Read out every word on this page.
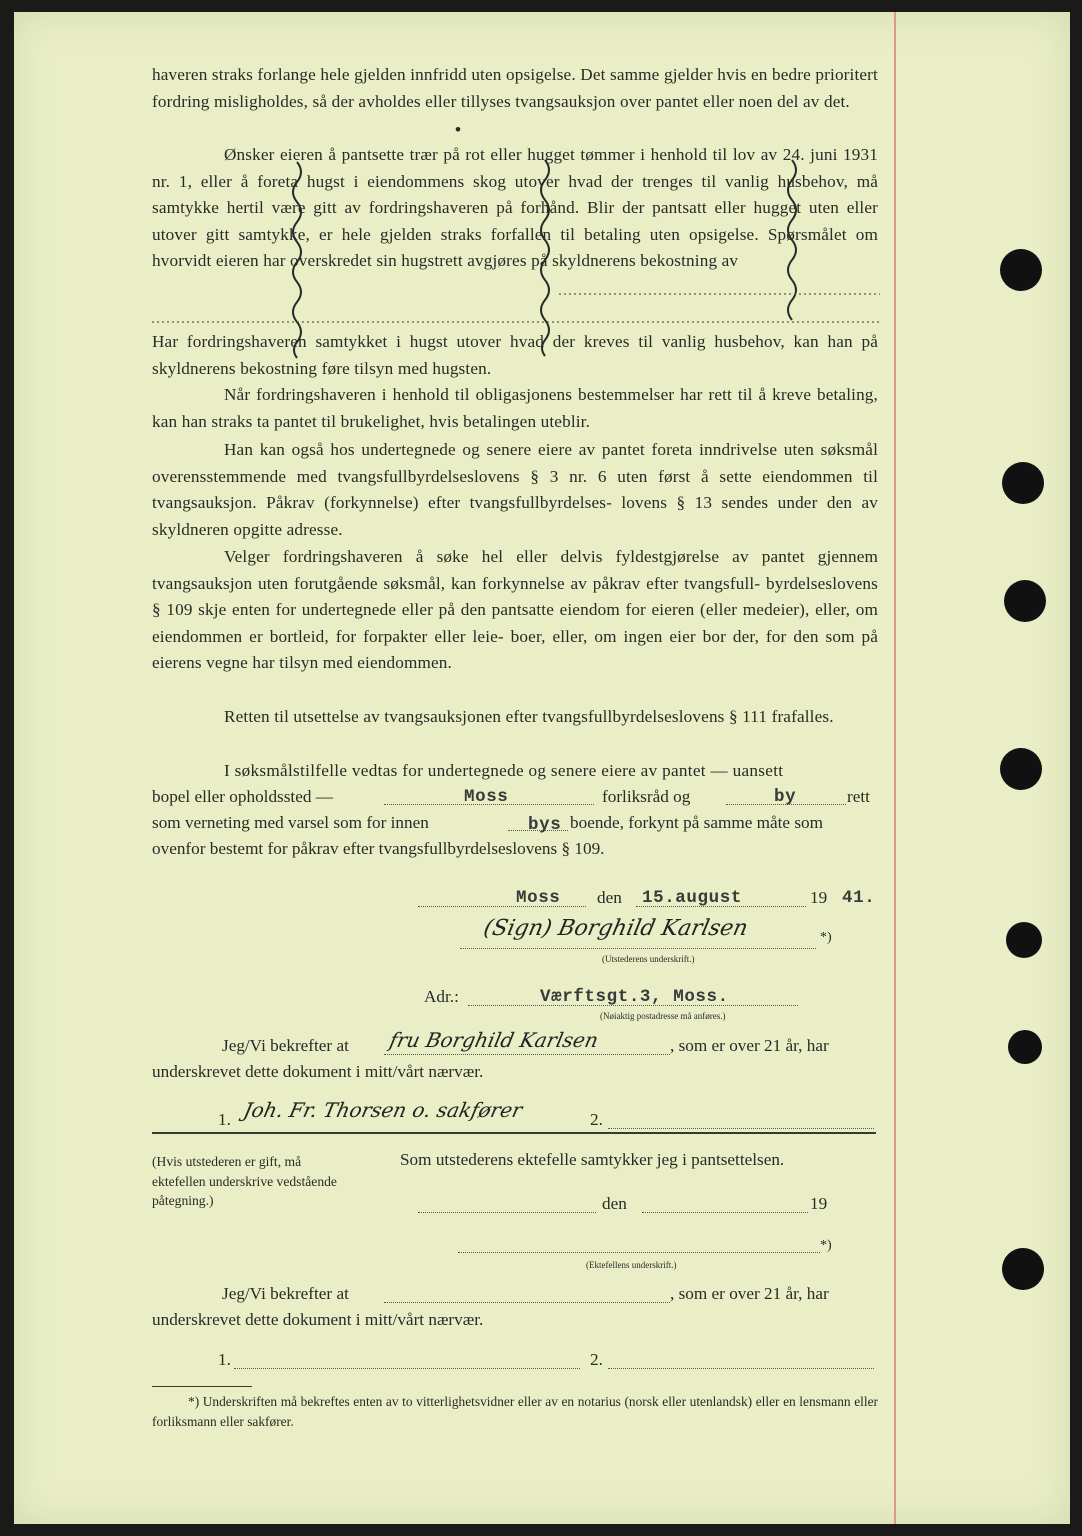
haveren straks forlange hele gjelden innfridd uten opsigelse. Det samme gjelder hvis en bedre prioritert fordring misligholdes, så der avholdes eller tillyses tvangsauksjon over pantet eller noen del av det.

•

Ønsker eieren å pantsette trær på rot eller hugget tømmer i henhold til lov av 24. juni 1931 nr. 1, eller å foreta hugst i eiendommens skog utover hvad der trenges til vanlig husbehov, må samtykke hertil være gitt av fordringshaveren på forhånd. Blir der pantsatt eller hugget uten eller utover gitt samtykke, er hele gjelden straks forfallen til betaling uten opsigelse. Spørsmålet om hvorvidt eieren har overskredet sin hugstrett avgjøres på skyldnerens bekostning av

Har fordringshaveren samtykket i hugst utover hvad der kreves til vanlig husbehov, kan han på skyldnerens bekostning føre tilsyn med hugsten.

Når fordringshaveren i henhold til obligasjonens bestemmelser har rett til å kreve betaling, kan han straks ta pantet til brukelighet, hvis betalingen uteblir.

Han kan også hos undertegnede og senere eiere av pantet foreta inndrivelse uten søksmål overensstemmende med tvangsfullbyrdelseslovens § 3 nr. 6 uten først å sette eiendommen til tvangsauksjon. Påkrav (forkynnelse) efter tvangsfullbyrdelses- lovens § 13 sendes under den av skyldneren opgitte adresse.

Velger fordringshaveren å søke hel eller delvis fyldestgjørelse av pantet gjennem tvangsauksjon uten forutgående søksmål, kan forkynnelse av påkrav efter tvangsfull- byrdelseslovens § 109 skje enten for undertegnede eller på den pantsatte eiendom for eieren (eller medeier), eller, om eiendommen er bortleid, for forpakter eller leie- boer, eller, om ingen eier bor der, for den som på eierens vegne har tilsyn med eiendommen.

Retten til utsettelse av tvangsauksjonen efter tvangsfullbyrdelseslovens § 111 frafalles.

I søksmålstilfelle vedtas for undertegnede og senere eiere av pantet — uansett
bopel eller opholdssted —	Moss	forliksråd og	by	rett
som verneting med varsel som for innen	bys boende, forkynt på samme måte som
ovenfor bestemt for påkrav efter tvangsfullbyrdelseslovens § 109.
Moss den 15.august	19 41.
(Sign) Borghild Karlsen	*)
(Utstederens underskrift.)
Adr.:	Værftsgt.3, Moss.
(Nøiaktig postadresse må anføres.)
Jeg/Vi bekrefter at fru Borghild Karlsen	, som er over 21 år, har
underskrevet dette dokument i mitt/vårt nærvær.
1. Joh. Fr. Thorsen o. sakfører	2.
(Hvis utstederen er gift, må ektefellen underskrive vedstående påtegning.)
Som utstederens ektefelle samtykker jeg i pantsettelsen.
den	19
*)
(Ektefellens underskrift.)
Jeg/Vi bekrefter at	, som er over 21 år, har
underskrevet dette dokument i mitt/vårt nærvær.
1.	2.
*) Underskriften må bekreftes enten av to vitterlighetsvidner eller av en notarius (norsk eller utenlandsk) eller en lensmann eller forliksmann eller sakfører.
